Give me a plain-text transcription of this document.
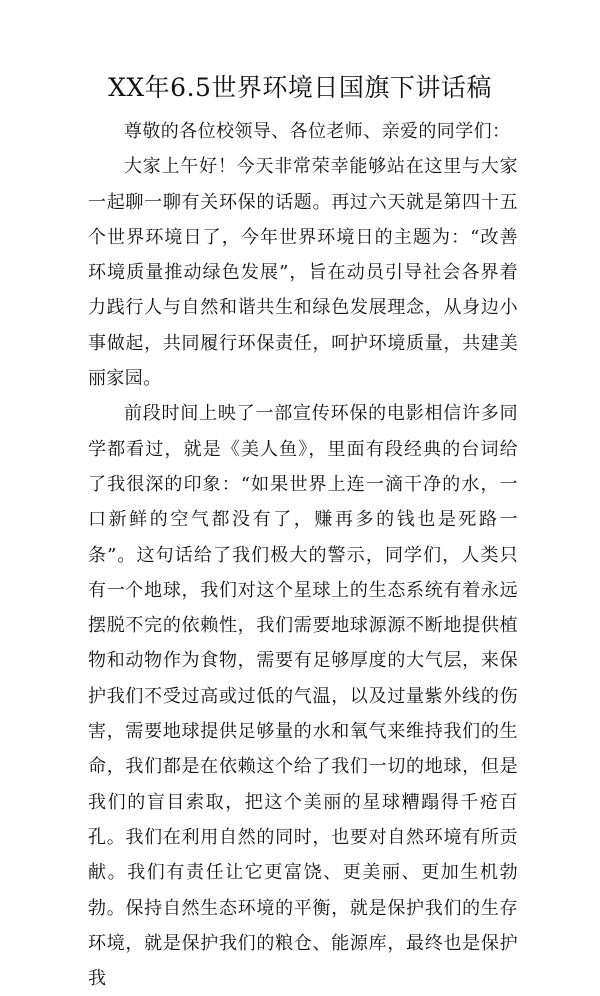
XX年6.5世界环境日国旗下讲话稿

尊敬的各位校领导、各位老师、亲爱的同学们：

大家上午好！今天非常荣幸能够站在这里与大家一起聊一聊有关环保的话题。再过六天就是第四十五个世界环境日了，今年世界环境日的主题为：“改善环境质量推动绿色发展”，旨在动员引导社会各界着力践行人与自然和谐共生和绿色发展理念，从身边小事做起，共同履行环保责任，呵护环境质量，共建美丽家园。

前段时间上映了一部宣传环保的电影相信许多同学都看过，就是《美人鱼》，里面有段经典的台词给了我很深的印象：“如果世界上连一滴干净的水，一口新鲜的空气都没有了，赚再多的钱也是死路一条”。这句话给了我们极大的警示，同学们，人类只有一个地球，我们对这个星球上的生态系统有着永远摆脱不完的依赖性，我们需要地球源源不断地提供植物和动物作为食物，需要有足够厚度的大气层，来保护我们不受过高或过低的气温，以及过量紫外线的伤害，需要地球提供足够量的水和氧气来维持我们的生命，我们都是在依赖这个给了我们一切的地球，但是我们的盲目索取，把这个美丽的星球糟蹋得千疮百孔。我们在利用自然的同时，也要对自然环境有所贡献。我们有责任让它更富饶、更美丽、更加生机勃勃。保持自然生态环境的平衡，就是保护我们的生存环境，就是保护我们的粮仓、能源库，最终也是保护我
